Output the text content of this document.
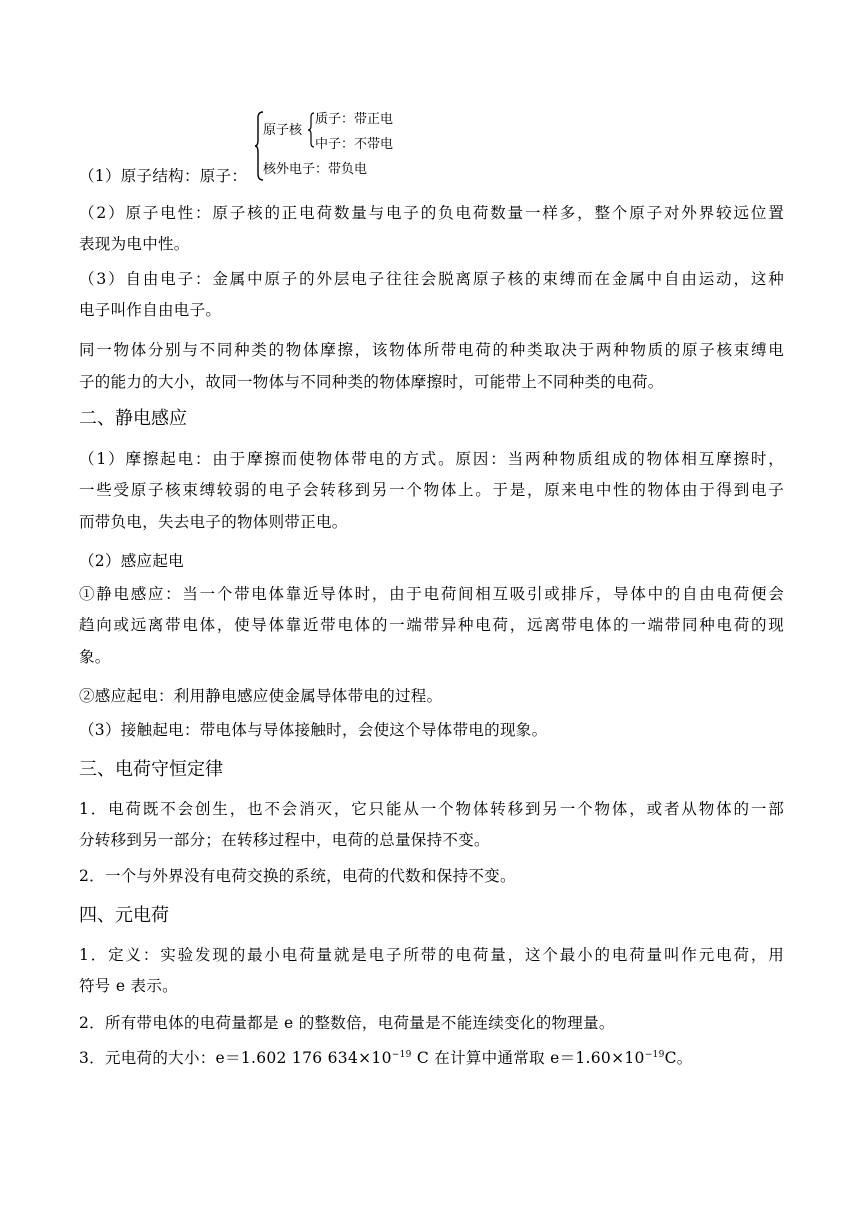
（1）原子结构：原子：
原子核
质子：带正电
中子：不带电
核外电子：带负电
（2）原子电性：原子核的正电荷数量与电子的负电荷数量一样多，整个原子对外界较远位置
表现为电中性。
（3）自由电子：金属中原子的外层电子往往会脱离原子核的束缚而在金属中自由运动，这种
电子叫作自由电子。
同一物体分别与不同种类的物体摩擦，该物体所带电荷的种类取决于两种物质的原子核束缚电
子的能力的大小，故同一物体与不同种类的物体摩擦时，可能带上不同种类的电荷。
二、静电感应
（1）摩擦起电：由于摩擦而使物体带电的方式。原因：当两种物质组成的物体相互摩擦时，
一些受原子核束缚较弱的电子会转移到另一个物体上。于是，原来电中性的物体由于得到电子
而带负电，失去电子的物体则带正电。
（2）感应起电
①静电感应：当一个带电体靠近导体时，由于电荷间相互吸引或排斥，导体中的自由电荷便会
趋向或远离带电体，使导体靠近带电体的一端带异种电荷，远离带电体的一端带同种电荷的现
象。
②感应起电：利用静电感应使金属导体带电的过程。
（3）接触起电：带电体与导体接触时，会使这个导体带电的现象。
三、电荷守恒定律
1．电荷既不会创生，也不会消灭，它只能从一个物体转移到另一个物体，或者从物体的一部
分转移到另一部分；在转移过程中，电荷的总量保持不变。
2．一个与外界没有电荷交换的系统，电荷的代数和保持不变。
四、元电荷
1．定义：实验发现的最小电荷量就是电子所带的电荷量，这个最小的电荷量叫作元电荷，用
符号 e 表示。
2．所有带电体的电荷量都是 e 的整数倍，电荷量是不能连续变化的物理量。
3．元电荷的大小：e＝1.602 176 $634\times 10^{-19}$ C 在计算中通常取 $e=1.60\times 10^{-19}C$。
